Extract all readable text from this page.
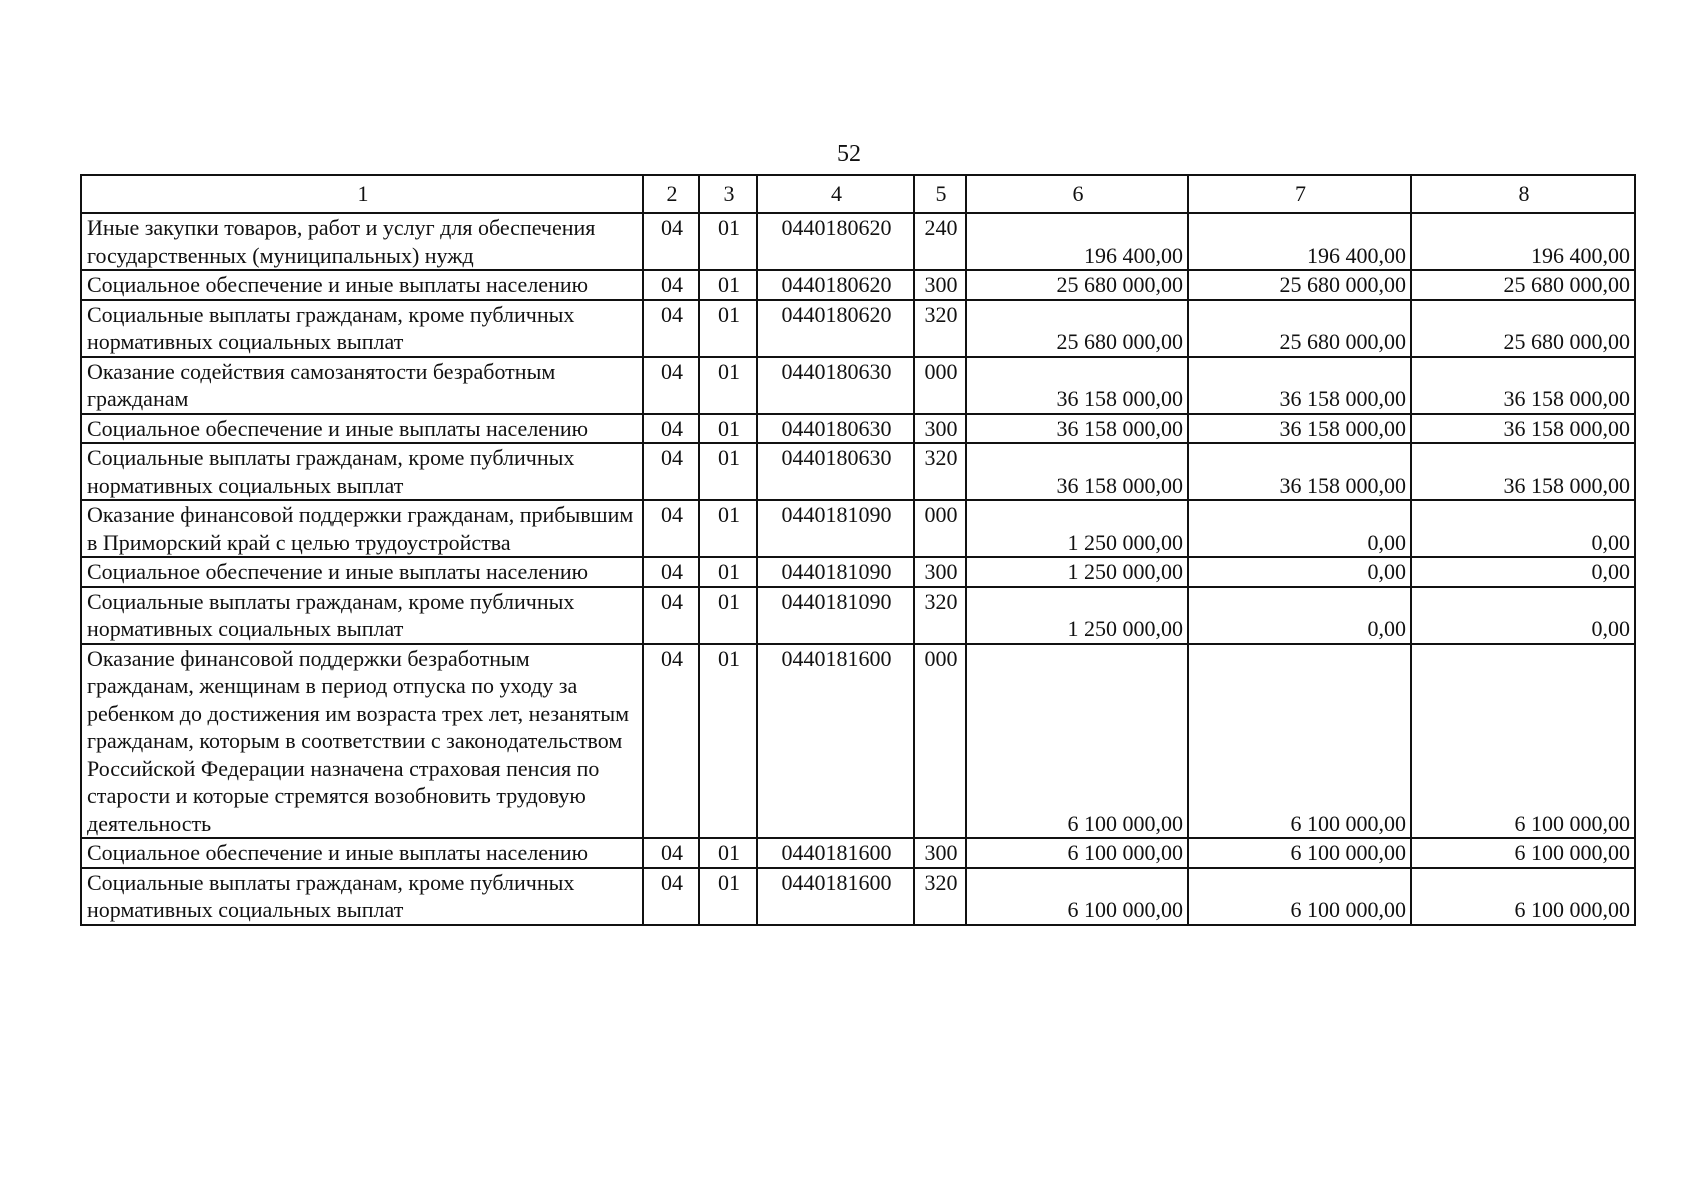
52
1	2	3	4	5	6	7	8
Иные закупки товаров, работ и услуг для обеспечения государственных (муниципальных) нужд	04	01	0440180620	240	196 400,00	196 400,00	196 400,00
Социальное обеспечение и иные выплаты населению	04	01	0440180620	300	25 680 000,00	25 680 000,00	25 680 000,00
Социальные выплаты гражданам, кроме публичных нормативных социальных выплат	04	01	0440180620	320	25 680 000,00	25 680 000,00	25 680 000,00
Оказание содействия самозанятости безработным гражданам	04	01	0440180630	000	36 158 000,00	36 158 000,00	36 158 000,00
Социальное обеспечение и иные выплаты населению	04	01	0440180630	300	36 158 000,00	36 158 000,00	36 158 000,00
Социальные выплаты гражданам, кроме публичных нормативных социальных выплат	04	01	0440180630	320	36 158 000,00	36 158 000,00	36 158 000,00
Оказание финансовой поддержки гражданам, прибывшим в Приморский край с целью трудоустройства	04	01	0440181090	000	1 250 000,00	0,00	0,00
Социальное обеспечение и иные выплаты населению	04	01	0440181090	300	1 250 000,00	0,00	0,00
Социальные выплаты гражданам, кроме публичных нормативных социальных выплат	04	01	0440181090	320	1 250 000,00	0,00	0,00
Оказание финансовой поддержки безработным гражданам, женщинам в период отпуска по уходу за ребенком до достижения им возраста трех лет, незанятым гражданам, которым в соответствии с законодательством Российской Федерации назначена страховая пенсия по старости и которые стремятся возобновить трудовую деятельность	04	01	0440181600	000	6 100 000,00	6 100 000,00	6 100 000,00
Социальное обеспечение и иные выплаты населению	04	01	0440181600	300	6 100 000,00	6 100 000,00	6 100 000,00
Социальные выплаты гражданам, кроме публичных нормативных социальных выплат	04	01	0440181600	320	6 100 000,00	6 100 000,00	6 100 000,00
